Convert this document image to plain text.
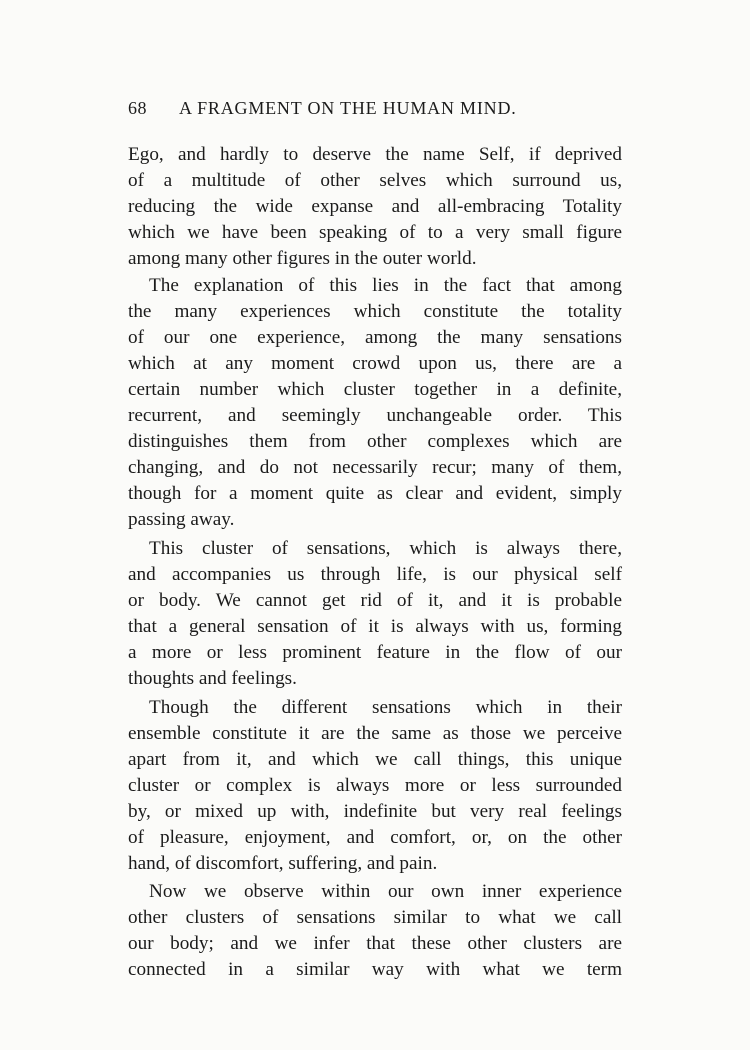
68 A FRAGMENT ON THE HUMAN MIND.
Ego, and hardly to deserve the name Self, if deprived
of a multitude of other selves which surround us,
reducing the wide expanse and all-embracing Totality
which we have been speaking of to a very small figure
among many other figures in the outer world.
The explanation of this lies in the fact that among
the many experiences which constitute the totality
of our one experience, among the many sensations
which at any moment crowd upon us, there are a
certain number which cluster together in a definite,
recurrent, and seemingly unchangeable order. This
distinguishes them from other complexes which are
changing, and do not necessarily recur; many of them,
though for a moment quite as clear and evident, simply
passing away.
This cluster of sensations, which is always there,
and accompanies us through life, is our physical self
or body. We cannot get rid of it, and it is probable
that a general sensation of it is always with us, forming
a more or less prominent feature in the flow of our
thoughts and feelings.
Though the different sensations which in their
ensemble constitute it are the same as those we perceive
apart from it, and which we call things, this unique
cluster or complex is always more or less surrounded
by, or mixed up with, indefinite but very real feelings
of pleasure, enjoyment, and comfort, or, on the other
hand, of discomfort, suffering, and pain.
Now we observe within our own inner experience
other clusters of sensations similar to what we call
our body; and we infer that these other clusters are
connected in a similar way with what we term
